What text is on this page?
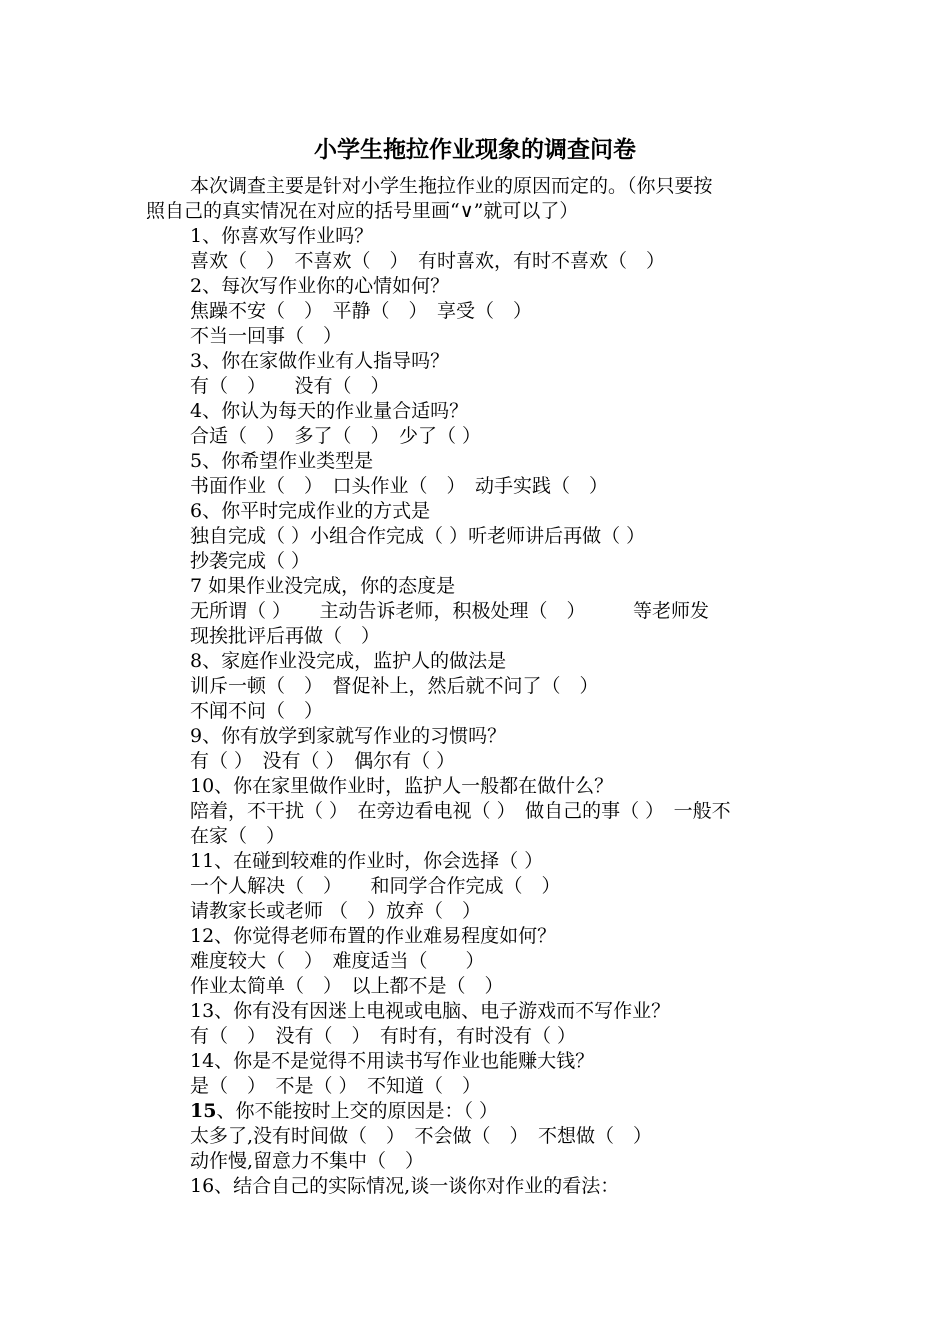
小学生拖拉作业现象的调查问卷
本次调查主要是针对小学生拖拉作业的原因而定的。（你只要按
照自己的真实情况在对应的括号里画“∨”就可以了）
1、你喜欢写作业吗？
喜欢（　）　不喜欢（　）　有时喜欢，有时不喜欢（　）
2、每次写作业你的心情如何？
焦躁不安（　）　平静（　）　享受（　）
不当一回事（　）
3、你在家做作业有人指导吗？
有（　）　　没有（　）
4、你认为每天的作业量合适吗？
合适（　）　多了（　）　少了（ ）
5、你希望作业类型是
书面作业（　）　口头作业（　）　动手实践（　）
6、你平时完成作业的方式是
独自完成（ ）小组合作完成（ ）听老师讲后再做（ ）
抄袭完成（ ）
7 如果作业没完成，你的态度是
无所谓（ ）　　主动告诉老师，积极处理（　）　　　等老师发
现挨批评后再做（　）
8、家庭作业没完成，监护人的做法是
训斥一顿（　）　督促补上，然后就不问了（　）
不闻不问（　）
9、你有放学到家就写作业的习惯吗？
有（ ）　没有（ ）　偶尔有（ ）
10、你在家里做作业时，监护人一般都在做什么？
陪着，不干扰（ ）　在旁边看电视（ ）　做自己的事（ ）　一般不
在家（　）
11、在碰到较难的作业时，你会选择（ ）
一个人解决（　）　　和同学合作完成（　）
请教家长或老师 （　）放弃（　）
12、你觉得老师布置的作业难易程度如何？
难度较大（　）　难度适当（　　）
作业太简单（　）　以上都不是（　）
13、你有没有因迷上电视或电脑、电子游戏而不写作业？
有（　）　没有（　）　有时有，有时没有（ ）
14、你是不是觉得不用读书写作业也能赚大钱？
是（　）　不是（ ）　不知道（　）
15、你不能按时上交的原因是：（ ）
太多了,没有时间做（　）　不会做（　）　不想做（　）
动作慢,留意力不集中（　）
16、结合自己的实际情况,谈一谈你对作业的看法：
